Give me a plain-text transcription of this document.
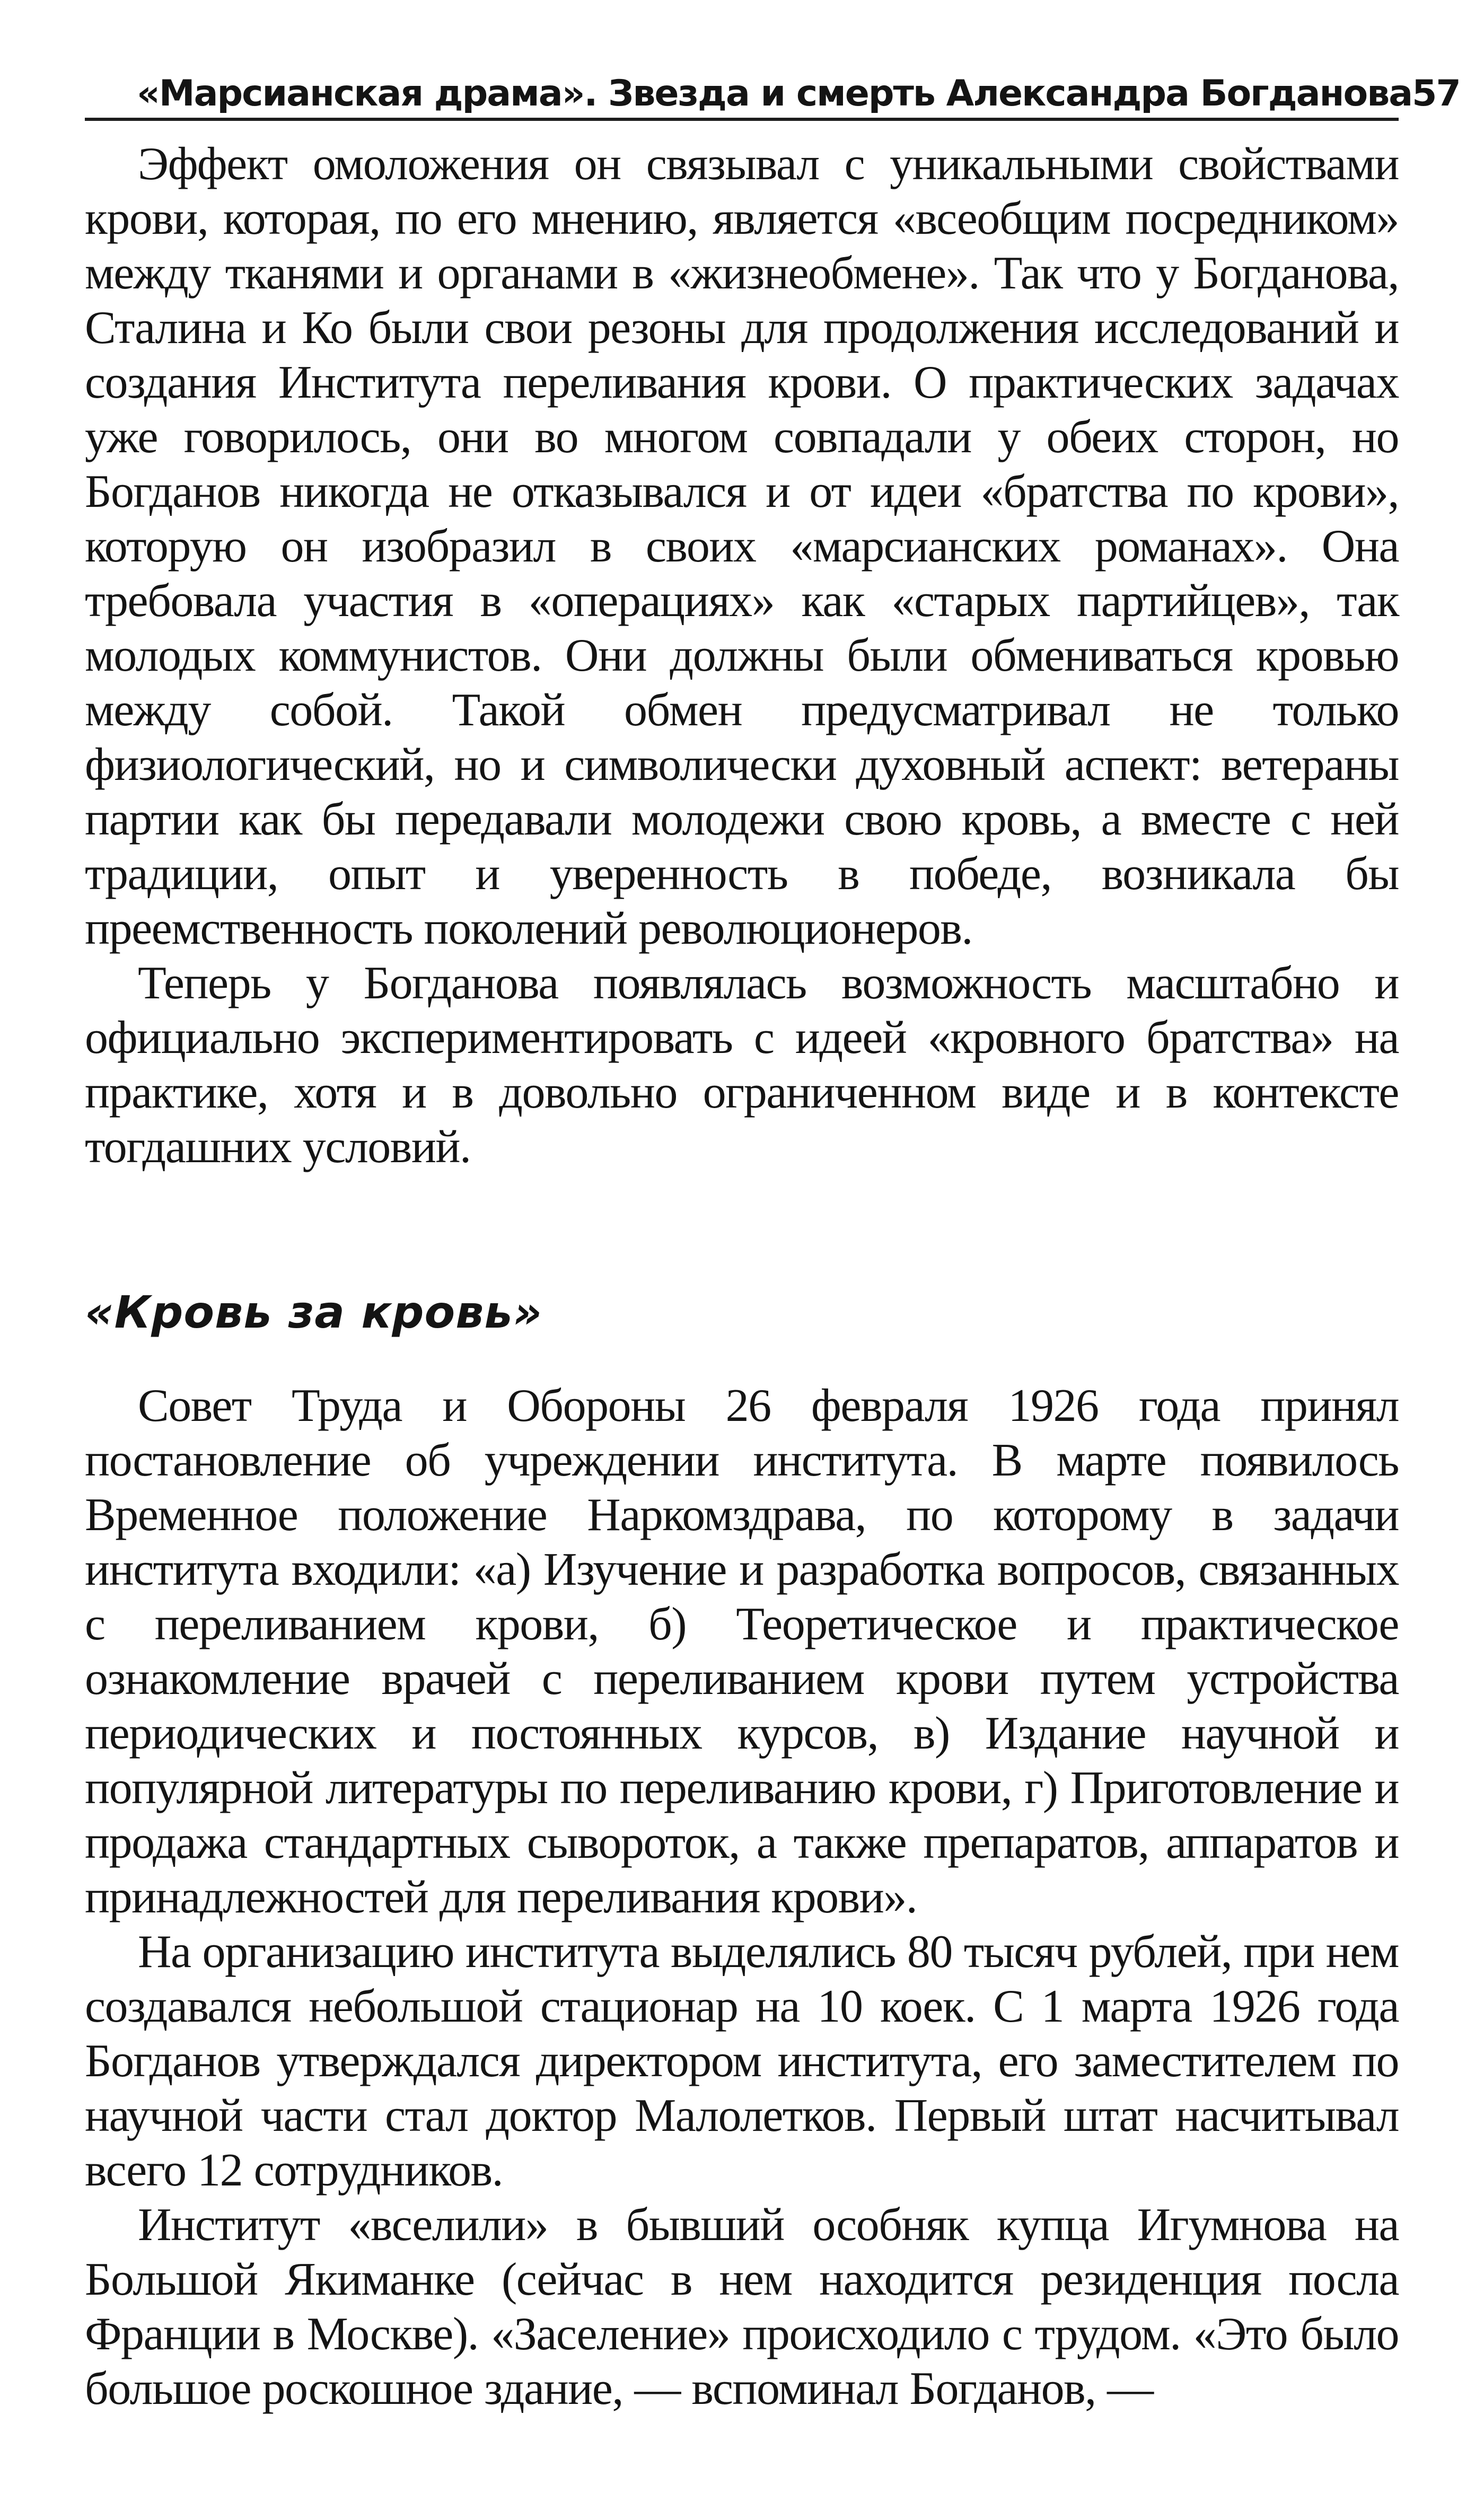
«Марсианская драма». Звезда и смерть Александра Богданова 57

Эффект омоложения он связывал с уникальными свойствами крови, которая, по его мнению, является «всеобщим посредником» между тканями и органами в «жизнеобмене». Так что у Богданова, Сталина и Ко были свои резоны для продолжения исследований и создания Института переливания крови. О практических задачах уже говорилось, они во многом совпадали у обеих сторон, но Богданов никогда не отказывался и от идеи «братства по крови», которую он изобразил в своих «марсианских романах». Она требовала участия в «операциях» как «старых партийцев», так молодых коммунистов. Они должны были обмениваться кровью между собой. Такой обмен предусматривал не только физиологический, но и символически духовный аспект: ветераны партии как бы передавали молодежи свою кровь, а вместе с ней традиции, опыт и уверенность в победе, возникала бы преемственность поколений революционеров.

Теперь у Богданова появлялась возможность масштабно и официально экспериментировать с идеей «кровного братства» на практике, хотя и в довольно ограниченном виде и в контексте тогдашних условий.

«Кровь за кровь»

Совет Труда и Обороны 26 февраля 1926 года принял постановление об учреждении института. В марте появилось Временное положение Наркомздрава, по которому в задачи института входили: «а) Изучение и разработка вопросов, связанных с переливанием крови, б) Теоретическое и практическое ознакомление врачей с переливанием крови путем устройства периодических и постоянных курсов, в) Издание научной и популярной литературы по переливанию крови, г) Приготовление и продажа стандартных сывороток, а также препаратов, аппаратов и принадлежностей для переливания крови».

На организацию института выделялись 80 тысяч рублей, при нем создавался небольшой стационар на 10 коек. С 1 марта 1926 года Богданов утверждался директором института, его заместителем по научной части стал доктор Малолетков. Первый штат насчитывал всего 12 сотрудников.

Институт «вселили» в бывший особняк купца Игумнова на Большой Якиманке (сейчас в нем находится резиденция посла Франции в Москве). «Заселение» происходило с трудом. «Это было большое роскошное здание, — вспоминал Богданов, —
